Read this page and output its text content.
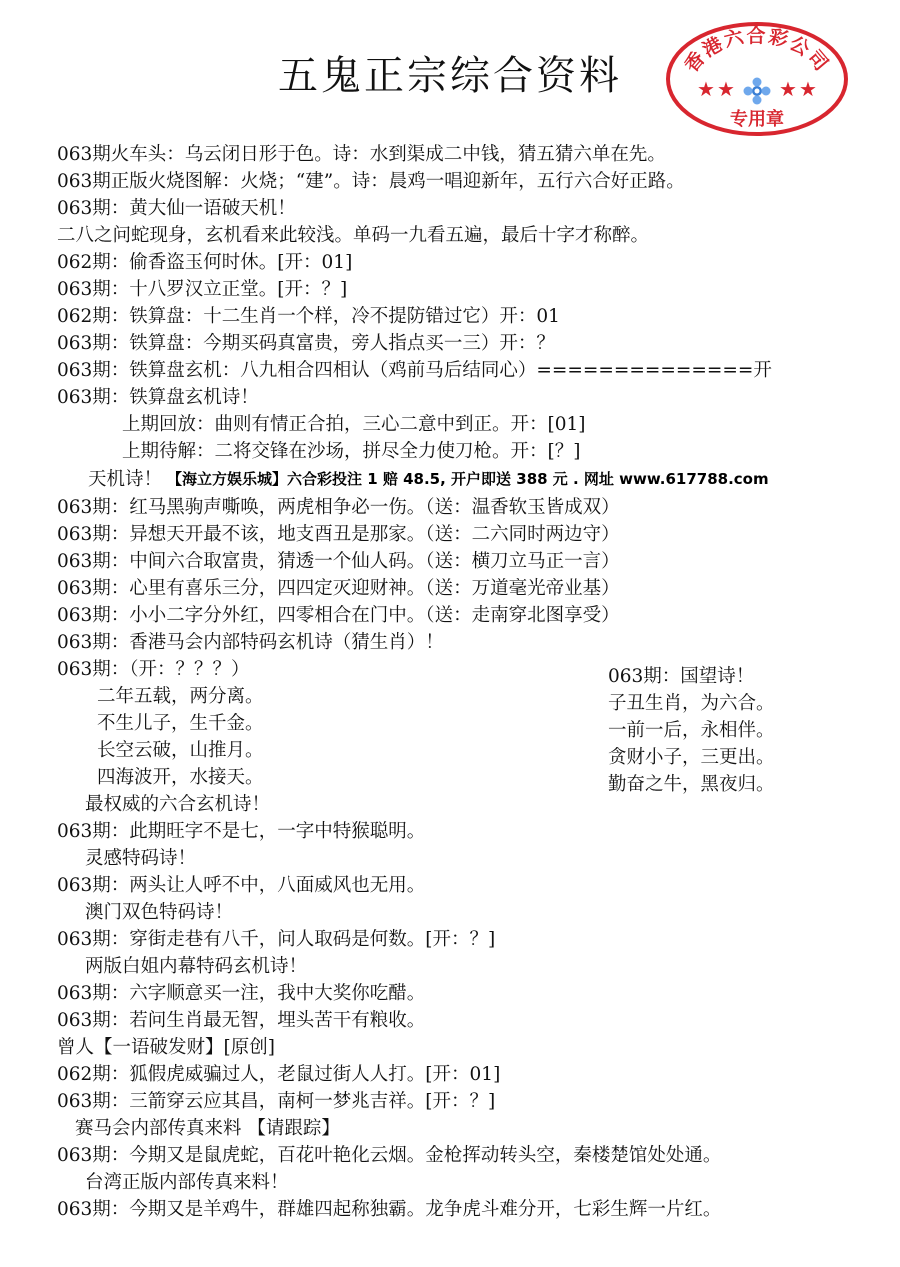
五鬼正宗综合资料	香港六合彩公司
★ ★ ★ ★
专用章
063期火车头：乌云闭日形于色。诗：水到渠成二中钱，猜五猜六单在先。
063期正版火烧图解：火烧；“建”。诗：晨鸡一唱迎新年，五行六合好正路。
063期：黄大仙一语破天机！
二八之问蛇现身，玄机看来此较浅。单码一九看五遍，最后十字才称醉。
062期：偷香盗玉何时休。[开：01]
063期：十八罗汉立正堂。[开：？]
062期：铁算盘：十二生肖一个样，冷不提防错过它）开：01
063期：铁算盘：今期买码真富贵，旁人指点买一三）开：？
063期：铁算盘玄机：八九相合四相认（鸡前马后结同心）==============开
063期：铁算盘玄机诗！
上期回放：曲则有情正合拍，三心二意中到正。开：[01]
上期待解：二将交锋在沙场，拼尽全力使刀枪。开：[？]
天机诗！ 【海立方娱乐城】六合彩投注 1 赔 48.5, 开户即送 388 元 . 网址 www.617788.com
063期：红马黑驹声嘶唤，两虎相争必一伤。（送：温香软玉皆成双）
063期：异想天开最不该，地支酉丑是那家。（送：二六同时两边守）
063期：中间六合取富贵，猜透一个仙人码。（送：横刀立马正一言）
063期：心里有喜乐三分，四四定灭迎财神。（送：万道毫光帝业基）
063期：小小二字分外红，四零相合在门中。（送：走南穿北图享受）
063期：香港马会内部特码玄机诗（猜生肖）！
063期：（开：？？？）
二年五载，两分离。
不生儿子，生千金。
长空云破，山推月。
四海波开，水接天。
最权威的六合玄机诗！
063期：此期旺字不是七，一字中特猴聪明。
灵感特码诗！
063期：两头让人呼不中，八面威风也无用。
澳门双色特码诗！
063期：穿街走巷有八千，问人取码是何数。[开：？]
两版白姐内幕特码玄机诗！
063期：六字顺意买一注，我中大奖你吃醋。
063期：若问生肖最无智，埋头苦干有粮收。
曾人【一语破发财】[原创]
062期：狐假虎威骗过人，老鼠过街人人打。[开：01]
063期：三箭穿云应其昌，南柯一梦兆吉祥。[开：？]
赛马会内部传真来料 【请跟踪】
063期：今期又是鼠虎蛇，百花叶艳化云烟。金枪挥动转头空，秦楼楚馆处处通。
台湾正版内部传真来料！
063期：今期又是羊鸡牛，群雄四起称独霸。龙争虎斗难分开，七彩生辉一片红。
063期：国望诗！
子丑生肖，为六合。
一前一后，永相伴。
贪财小子，三更出。
勤奋之牛，黑夜归。
